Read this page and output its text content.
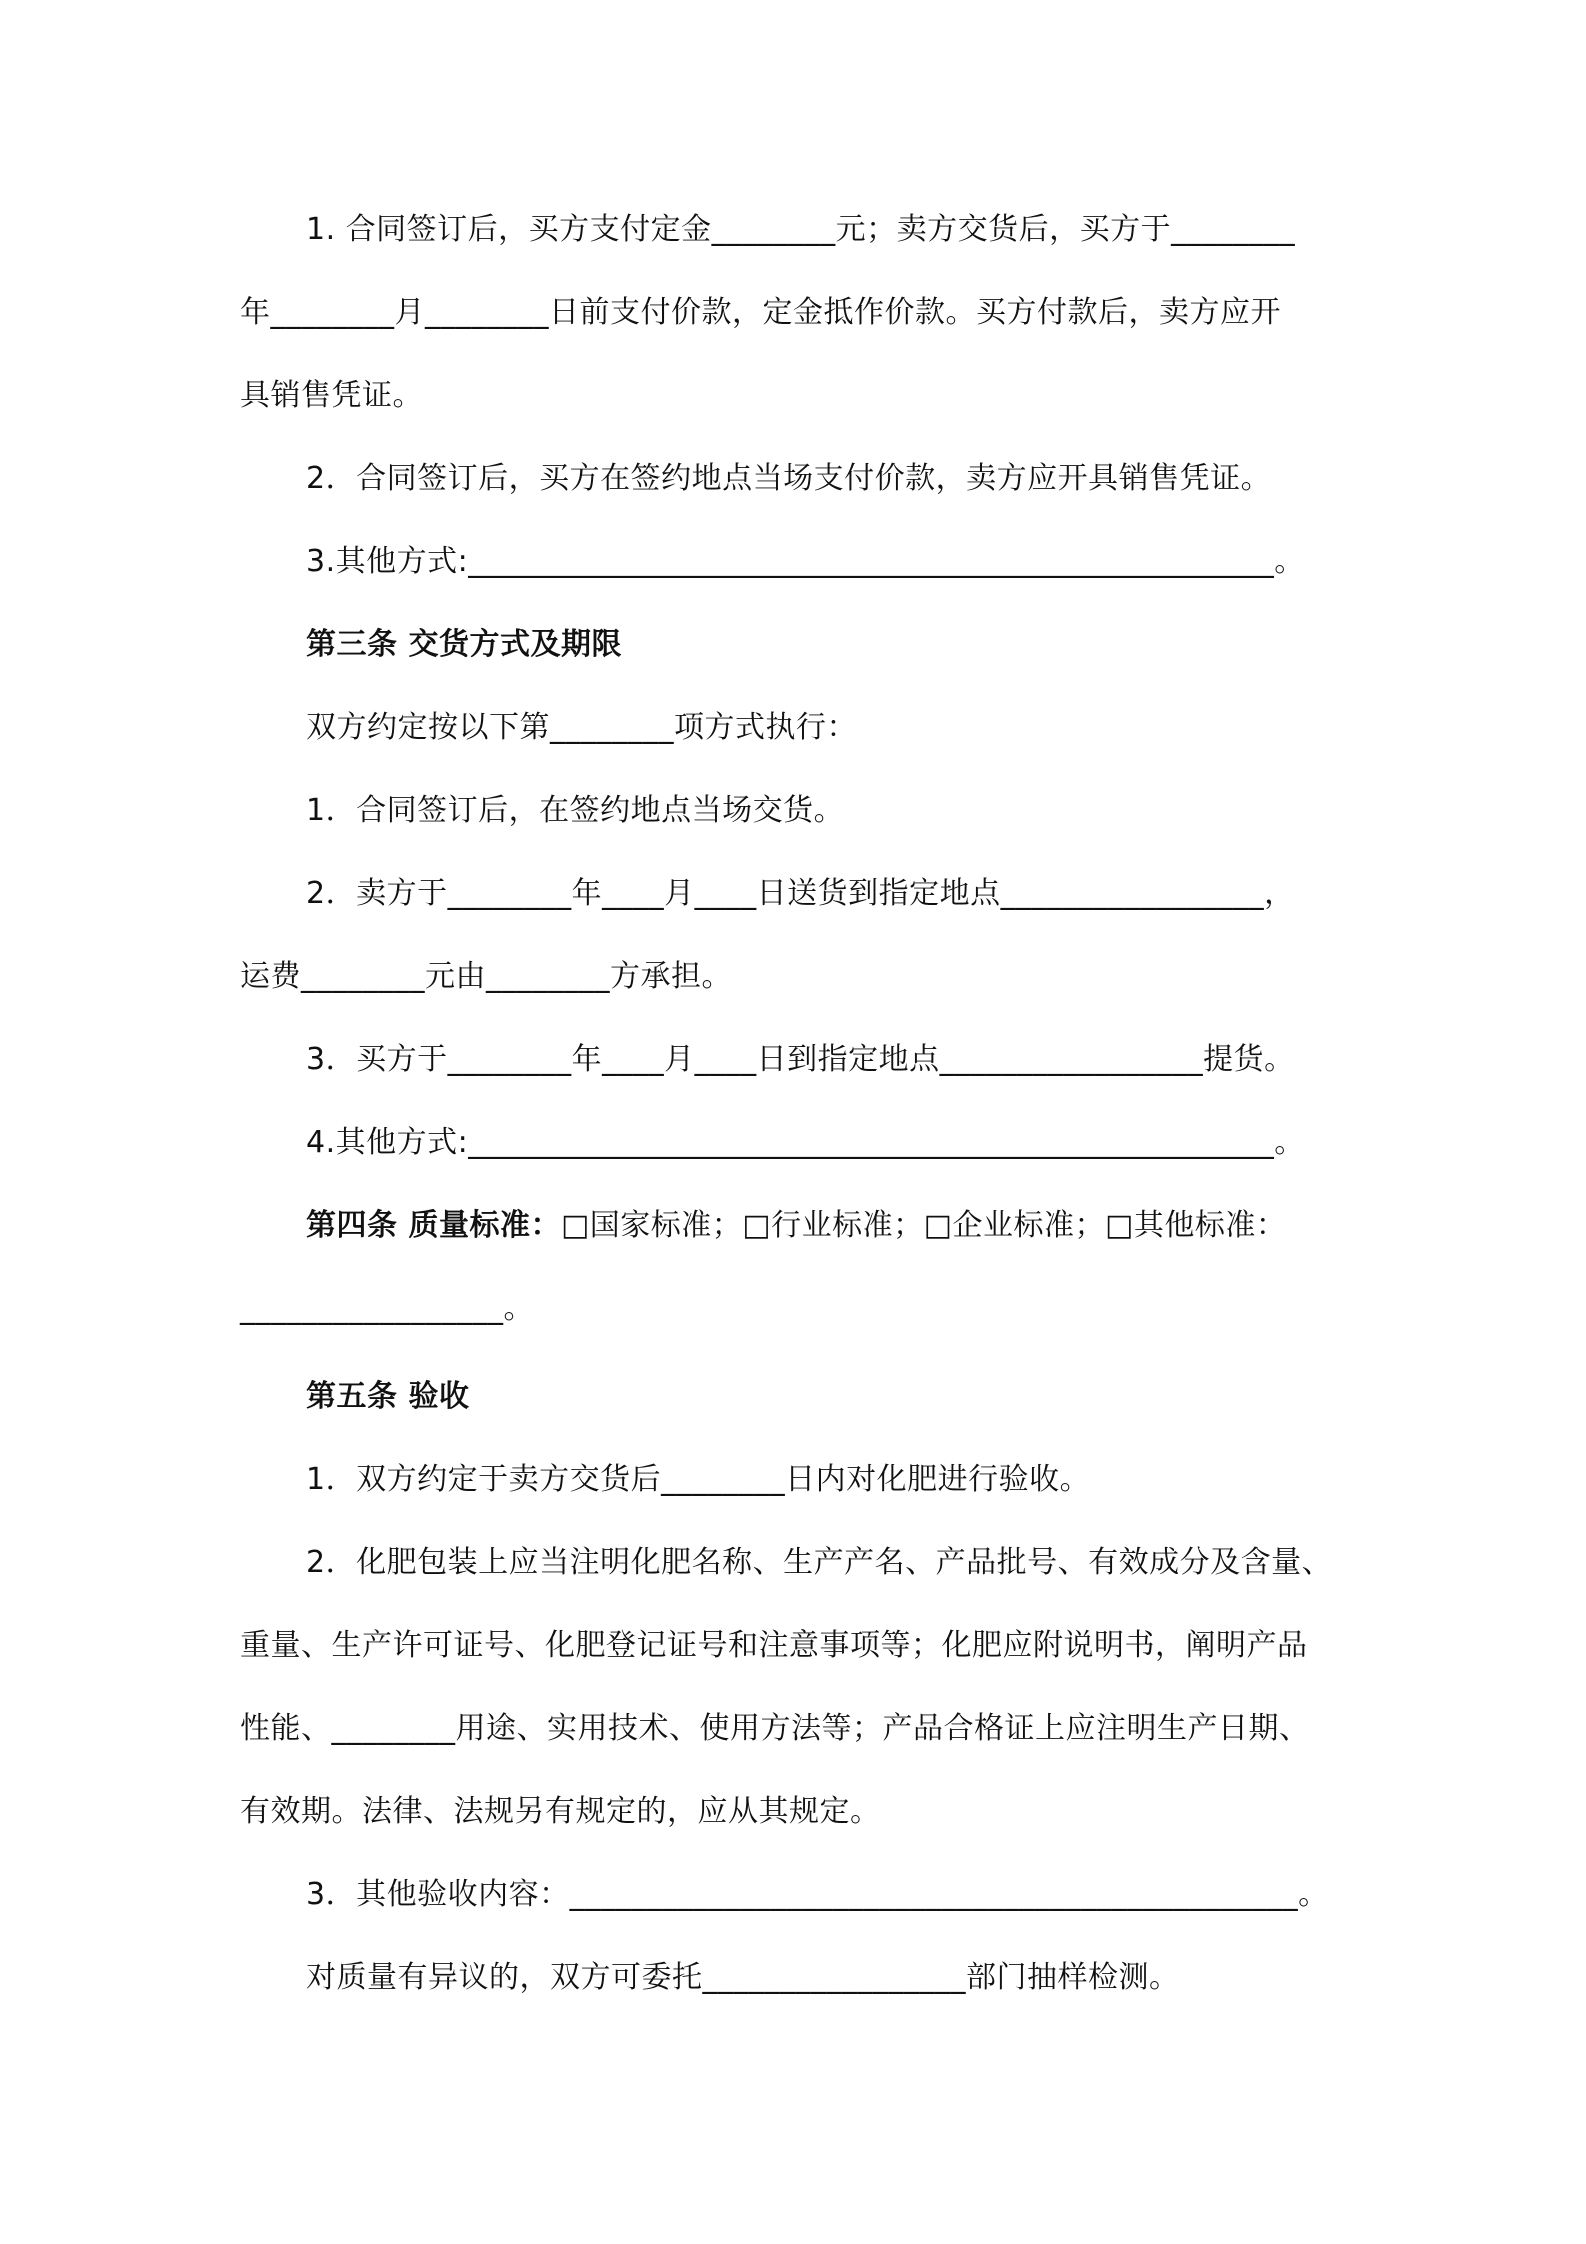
1. 合同签订后，买方支付定金________元；卖方交货后，买方于________
年________月________日前支付价款，定金抵作价款。买方付款后，卖方应开
具销售凭证。
2．合同签订后，买方在签约地点当场支付价款，卖方应开具销售凭证。
3.其他方式:____________________________________________________。
第三条 交货方式及期限
双方约定按以下第________项方式执行：
1．合同签订后，在签约地点当场交货。
2．卖方于________年____月____日送货到指定地点_________________，
运费________元由________方承担。
3．买方于________年____月____日到指定地点_________________提货。
4.其他方式:____________________________________________________。
第四条 质量标准：□国家标准；□行业标准；□企业标准；□其他标准：
_________________。
第五条 验收
1．双方约定于卖方交货后________日内对化肥进行验收。
2．化肥包装上应当注明化肥名称、生产产名、产品批号、有效成分及含量、
重量、生产许可证号、化肥登记证号和注意事项等；化肥应附说明书，阐明产品
性能、________用途、实用技术、使用方法等；产品合格证上应注明生产日期、
有效期。法律、法规另有规定的，应从其规定。
3．其他验收内容：_______________________________________________。
对质量有异议的，双方可委托_________________部门抽样检测。
